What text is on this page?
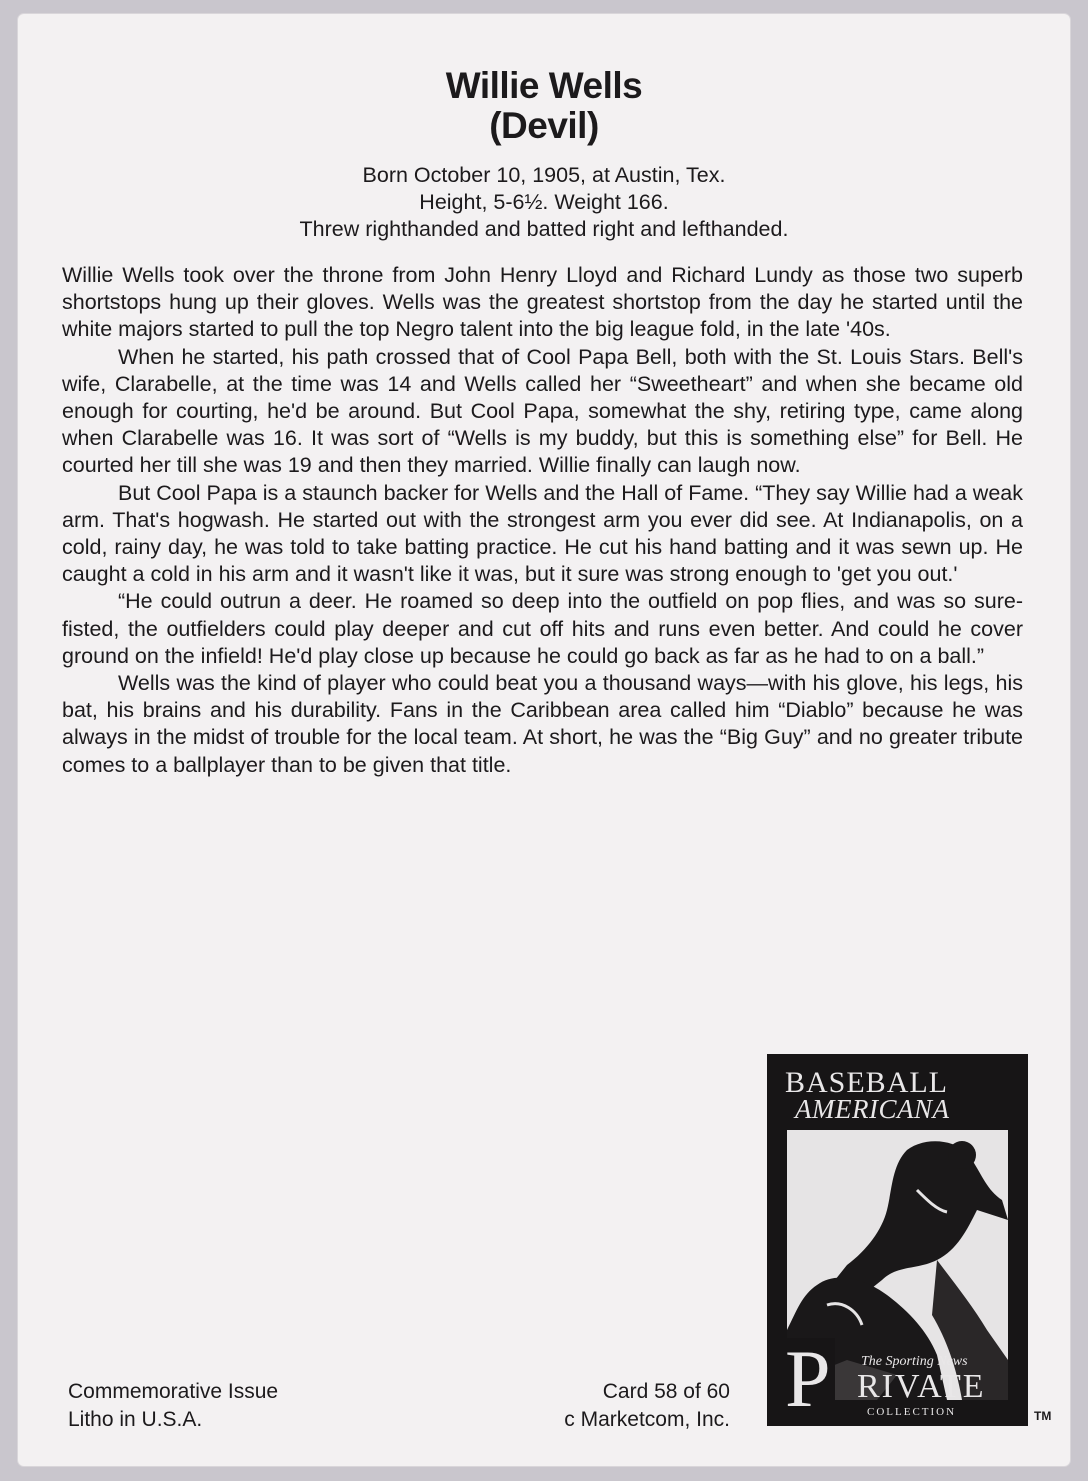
Willie Wells
(Devil)

Born October 10, 1905, at Austin, Tex.

Height, 5-6½. Weight 166.

Threw righthanded and batted right and lefthanded.

Willie Wells took over the throne from John Henry Lloyd and Richard Lundy as those two superb shortstops hung up their gloves. Wells was the greatest shortstop from the day he started until the white majors started to pull the top Negro talent into the big league fold, in the late '40s.

When he started, his path crossed that of Cool Papa Bell, both with the St. Louis Stars. Bell's wife, Clarabelle, at the time was 14 and Wells called her “Sweetheart” and when she became old enough for courting, he'd be around. But Cool Papa, somewhat the shy, retiring type, came along when Clarabelle was 16. It was sort of “Wells is my buddy, but this is something else” for Bell. He courted her till she was 19 and then they married. Willie finally can laugh now.

But Cool Papa is a staunch backer for Wells and the Hall of Fame. “They say Willie had a weak arm. That's hogwash. He started out with the strongest arm you ever did see. At Indianapolis, on a cold, rainy day, he was told to take batting practice. He cut his hand batting and it was sewn up. He caught a cold in his arm and it wasn't like it was, but it sure was strong enough to 'get you out.'

“He could outrun a deer. He roamed so deep into the outfield on pop flies, and was so sure-fisted, the outfielders could play deeper and cut off hits and runs even better. And could he cover ground on the infield! He'd play close up because he could go back as far as he had to on a ball.”

Wells was the kind of player who could beat you a thousand ways—with his glove, his legs, his bat, his brains and his durability. Fans in the Caribbean area called him “Diablo” because he was always in the midst of trouble for the local team. At short, he was the “Big Guy” and no greater tribute comes to a ballplayer than to be given that title.

Commemorative Issue
Litho in U.S.A.
Card 58 of 60
c Marketcom, Inc.
BASEBALL
AMERICANA
P The Sporting News
RIVATE
COLLECTION	TM
